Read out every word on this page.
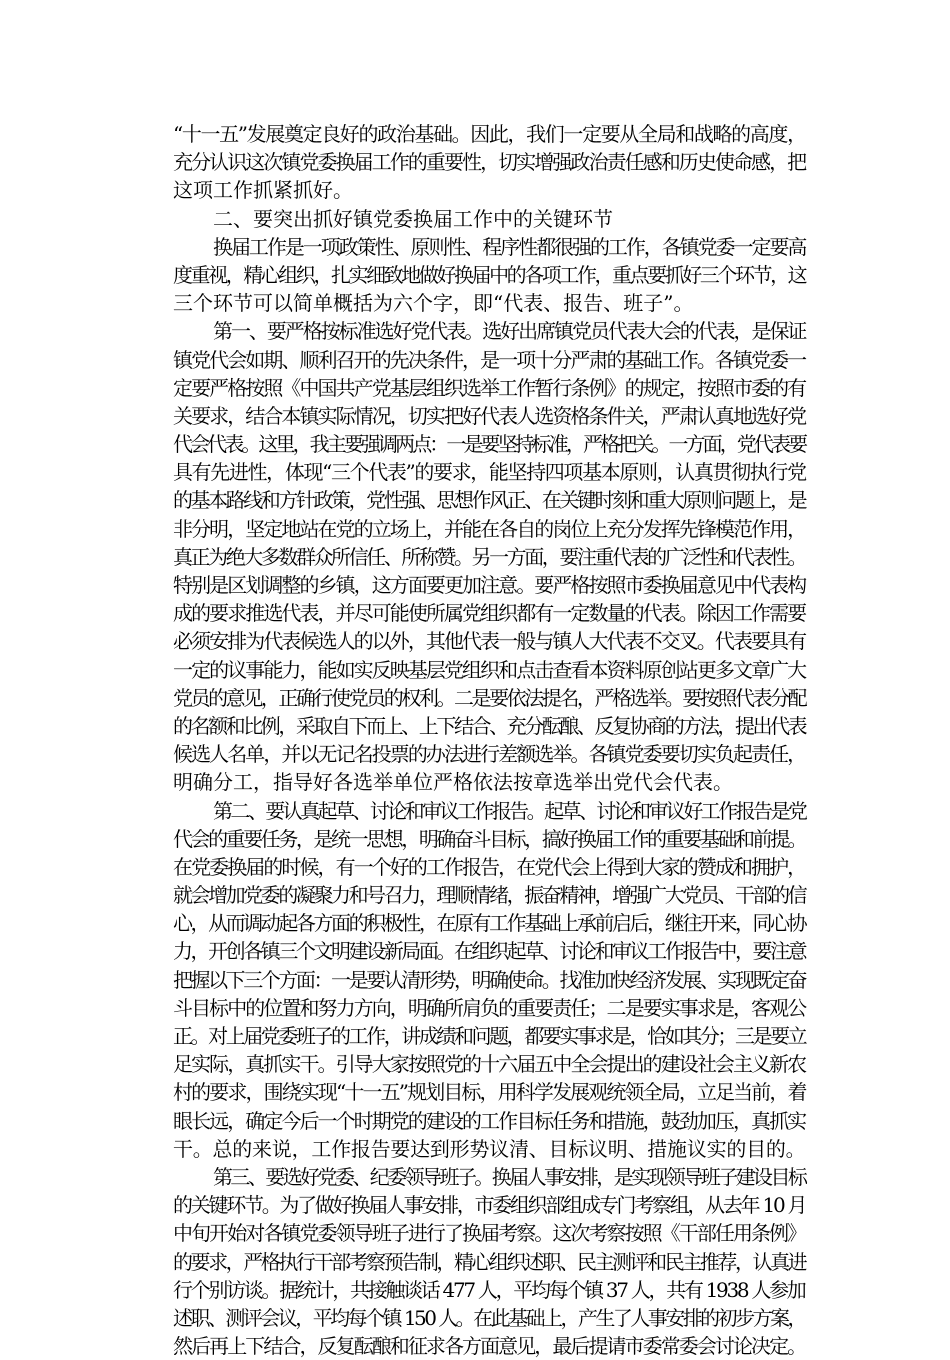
“十一五”发展奠定良好的政治基础。因此，我们一定要从全局和战略的高度，
充分认识这次镇党委换届工作的重要性，切实增强政治责任感和历史使命感，把
这项工作抓紧抓好。
二、要突出抓好镇党委换届工作中的关键环节
换届工作是一项政策性、原则性、程序性都很强的工作，各镇党委一定要高
度重视，精心组织，扎实细致地做好换届中的各项工作，重点要抓好三个环节，这
三个环节可以简单概括为六个字，即“代表、报告、班子”。
第一、要严格按标准选好党代表。选好出席镇党员代表大会的代表，是保证
镇党代会如期、顺利召开的先决条件，是一项十分严肃的基础工作。各镇党委一
定要严格按照《中国共产党基层组织选举工作暂行条例》的规定，按照市委的有
关要求，结合本镇实际情况，切实把好代表人选资格条件关，严肃认真地选好党
代会代表。这里，我主要强调两点：一是要坚持标准，严格把关。一方面，党代表要
具有先进性，体现“三个代表”的要求，能坚持四项基本原则，认真贯彻执行党
的基本路线和方针政策，党性强、思想作风正、在关键时刻和重大原则问题上，是
非分明，坚定地站在党的立场上，并能在各自的岗位上充分发挥先锋模范作用，
真正为绝大多数群众所信任、所称赞。另一方面，要注重代表的广泛性和代表性。
特别是区划调整的乡镇，这方面要更加注意。要严格按照市委换届意见中代表构
成的要求推选代表，并尽可能使所属党组织都有一定数量的代表。除因工作需要
必须安排为代表候选人的以外，其他代表一般与镇人大代表不交叉。代表要具有
一定的议事能力，能如实反映基层党组织和点击查看本资料原创站更多文章广大
党员的意见，正确行使党员的权利。二是要依法提名，严格选举。要按照代表分配
的名额和比例，采取自下而上、上下结合、充分酝酿、反复协商的方法，提出代表
候选人名单，并以无记名投票的办法进行差额选举。各镇党委要切实负起责任，
明确分工，指导好各选举单位严格依法按章选举出党代会代表。
第二、要认真起草、讨论和审议工作报告。起草、讨论和审议好工作报告是党
代会的重要任务，是统一思想，明确奋斗目标，搞好换届工作的重要基础和前提。
在党委换届的时候，有一个好的工作报告，在党代会上得到大家的赞成和拥护，
就会增加党委的凝聚力和号召力，理顺情绪，振奋精神，增强广大党员、干部的信
心，从而调动起各方面的积极性，在原有工作基础上承前启后，继往开来，同心协
力，开创各镇三个文明建设新局面。在组织起草、讨论和审议工作报告中，要注意
把握以下三个方面：一是要认清形势，明确使命。找准加快经济发展、实现既定奋
斗目标中的位置和努力方向，明确所肩负的重要责任；二是要实事求是，客观公
正。对上届党委班子的工作，讲成绩和问题，都要实事求是，恰如其分；三是要立
足实际，真抓实干。引导大家按照党的十六届五中全会提出的建设社会主义新农
村的要求，围绕实现“十一五”规划目标，用科学发展观统领全局，立足当前，着
眼长远，确定今后一个时期党的建设的工作目标任务和措施，鼓劲加压，真抓实
干。总的来说，工作报告要达到形势议清、目标议明、措施议实的目的。
第三、要选好党委、纪委领导班子。换届人事安排，是实现领导班子建设目标
的关键环节。为了做好换届人事安排，市委组织部组成专门考察组，从去年 10 月
中旬开始对各镇党委领导班子进行了换届考察。这次考察按照《干部任用条例》
的要求，严格执行干部考察预告制，精心组织述职、民主测评和民主推荐，认真进
行个别访谈。据统计，共接触谈话 477 人，平均每个镇 37 人，共有 1938 人参加
述职、测评会议，平均每个镇 150 人。在此基础上，产生了人事安排的初步方案，
然后再上下结合，反复酝酿和征求各方面意见，最后提请市委常委会讨论决定。
